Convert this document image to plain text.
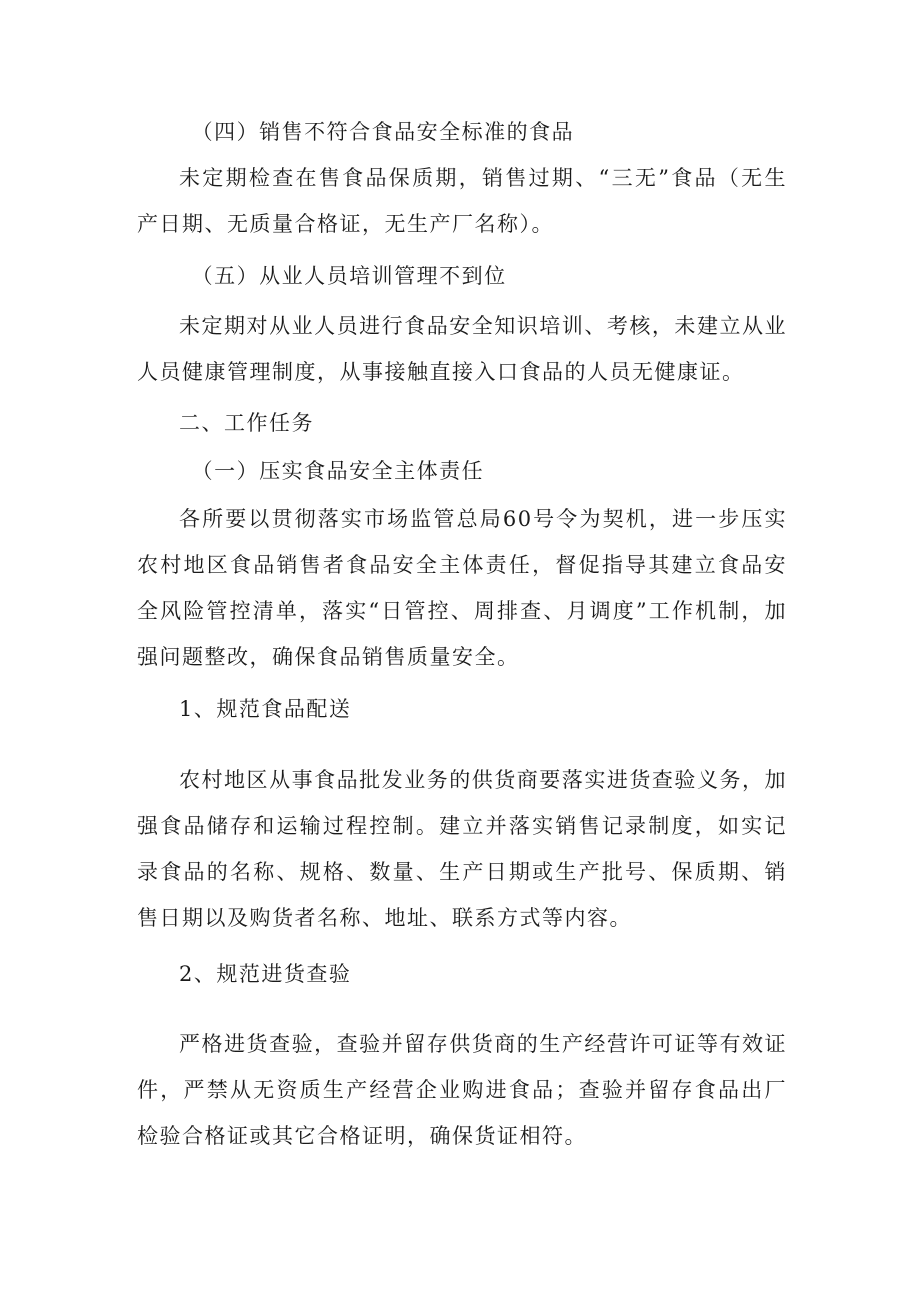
（四）销售不符合食品安全标准的食品

未定期检查在售食品保质期，销售过期、“三无”食品（无生产日期、无质量合格证，无生产厂名称）。

（五）从业人员培训管理不到位

未定期对从业人员进行食品安全知识培训、考核，未建立从业人员健康管理制度，从事接触直接入口食品的人员无健康证。

二、工作任务

（一）压实食品安全主体责任

各所要以贯彻落实市场监管总局60号令为契机，进一步压实农村地区食品销售者食品安全主体责任，督促指导其建立食品安全风险管控清单，落实“日管控、周排查、月调度”工作机制，加强问题整改，确保食品销售质量安全。

1、规范食品配送

农村地区从事食品批发业务的供货商要落实进货查验义务，加强食品储存和运输过程控制。建立并落实销售记录制度，如实记录食品的名称、规格、数量、生产日期或生产批号、保质期、销售日期以及购货者名称、地址、联系方式等内容。

2、规范进货查验

严格进货查验，查验并留存供货商的生产经营许可证等有效证件，严禁从无资质生产经营企业购进食品；查验并留存食品出厂检验合格证或其它合格证明，确保货证相符。
